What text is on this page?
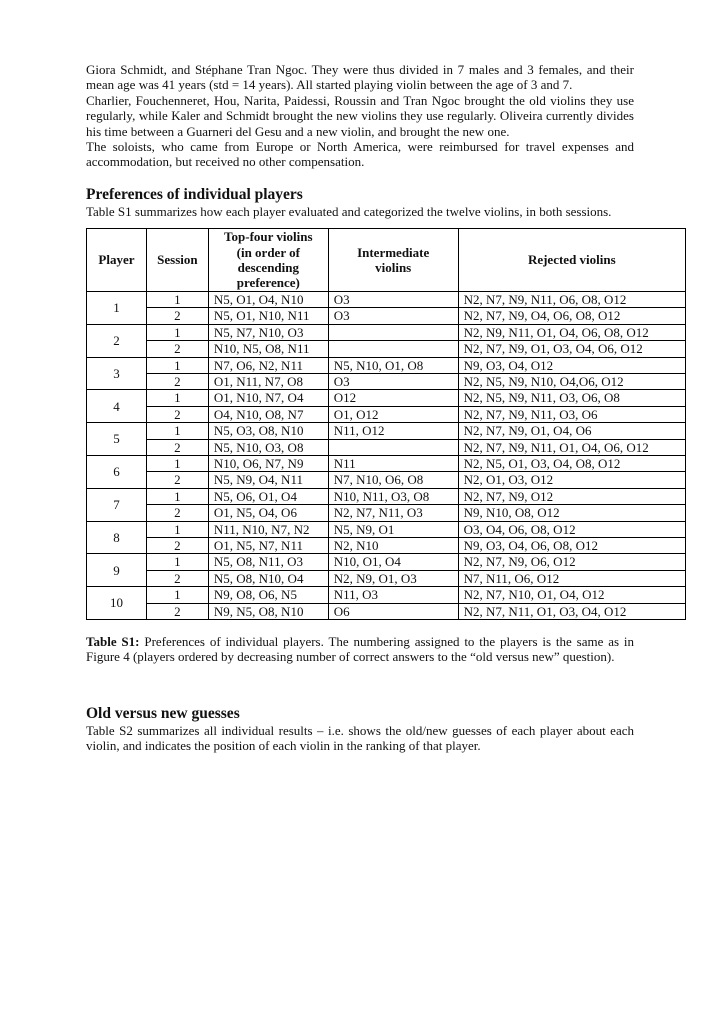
Giora Schmidt, and Stéphane Tran Ngoc. They were thus divided in 7 males and 3 females, and their mean age was 41 years (std = 14 years). All started playing violin between the age of 3 and 7.

Charlier, Fouchenneret, Hou, Narita, Paidessi, Roussin and Tran Ngoc brought the old violins they use regularly, while Kaler and Schmidt brought the new violins they use regularly. Oliveira currently divides his time between a Guarneri del Gesu and a new violin, and brought the new one.

The soloists, who came from Europe or North America, were reimbursed for travel expenses and accommodation, but received no other compensation.

Preferences of individual players

Table S1 summarizes how each player evaluated and categorized the twelve violins, in both sessions.

Player	Session	Top-four violins (in order of descending preference)	Intermediate violins	Rejected violins
1	1	N5, O1, O4, N10	O3	N2, N7, N9, N11, O6, O8, O12
	2	N5, O1, N10, N11	O3	N2, N7, N9, O4, O6, O8, O12
2	1	N5, N7, N10, O3		N2, N9, N11, O1, O4, O6, O8, O12
	2	N10, N5, O8, N11		N2, N7, N9, O1, O3, O4, O6, O12
3	1	N7, O6, N2, N11	N5, N10, O1, O8	N9, O3, O4, O12
	2	O1, N11, N7, O8	O3	N2, N5, N9, N10, O4,O6, O12
4	1	O1, N10, N7, O4	O12	N2, N5, N9, N11, O3, O6, O8
	2	O4, N10, O8, N7	O1, O12	N2, N7, N9, N11, O3, O6
5	1	N5, O3, O8, N10	N11, O12	N2, N7, N9, O1, O4, O6
	2	N5, N10, O3, O8		N2, N7, N9, N11, O1, O4, O6, O12
6	1	N10, O6, N7, N9	N11	N2, N5, O1, O3, O4, O8, O12
	2	N5, N9, O4, N11	N7, N10, O6, O8	N2, O1, O3, O12
7	1	N5, O6, O1, O4	N10, N11, O3, O8	N2, N7, N9, O12
	2	O1, N5, O4, O6	N2, N7, N11, O3	N9, N10, O8, O12
8	1	N11, N10, N7, N2	N5, N9, O1	O3, O4, O6, O8, O12
	2	O1, N5, N7, N11	N2, N10	N9, O3, O4, O6, O8, O12
9	1	N5, O8, N11, O3	N10, O1, O4	N2, N7, N9, O6, O12
	2	N5, O8, N10, O4	N2, N9, O1, O3	N7, N11, O6, O12
10	1	N9, O8, O6, N5	N11, O3	N2, N7, N10, O1, O4, O12
	2	N9, N5, O8, N10	O6	N2, N7, N11, O1, O3, O4, O12

Table S1: Preferences of individual players. The numbering assigned to the players is the same as in Figure 4 (players ordered by decreasing number of correct answers to the “old versus new” question).

Old versus new guesses

Table S2 summarizes all individual results – i.e. shows the old/new guesses of each player about each violin, and indicates the position of each violin in the ranking of that player.
